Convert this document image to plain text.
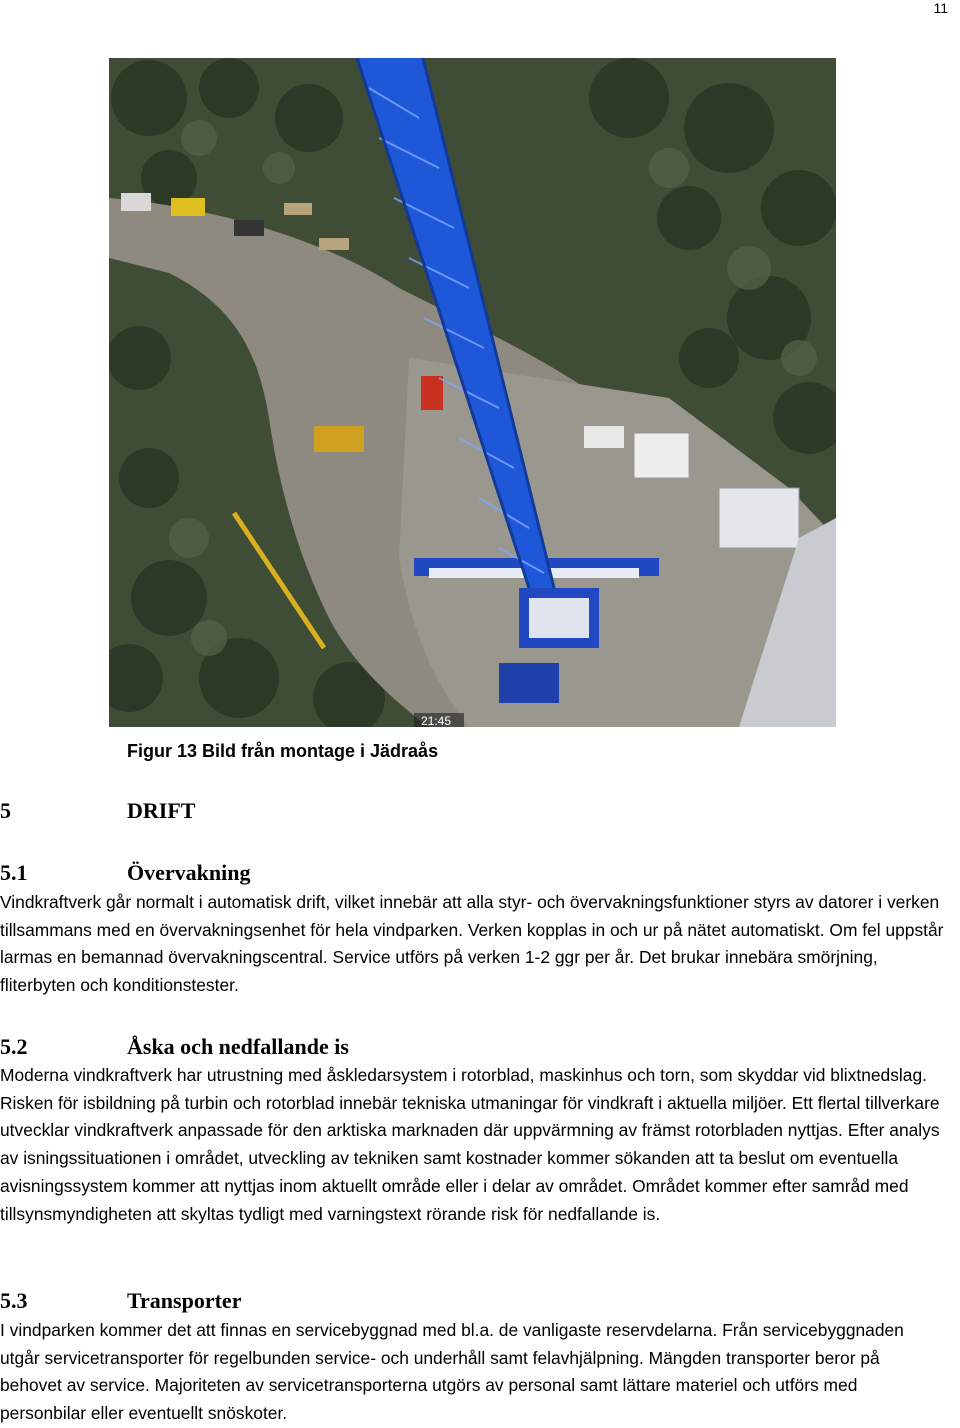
11
21:45
Figur 13 Bild från montage i Jädraås
5	DRIFT
5.1	Övervakning
Vindkraftverk går normalt i automatisk drift, vilket innebär att alla styr- och övervakningsfunktioner styrs av datorer i verken tillsammans med en övervakningsenhet för hela vindparken. Verken kopplas in och ur på nätet automatiskt. Om fel uppstår larmas en bemannad övervakningscentral. Service utförs på verken 1-2 ggr per år. Det brukar innebära smörjning, fliterbyten och konditionstester.
5.2	Åska och nedfallande is
Moderna vindkraftverk har utrustning med åskledarsystem i rotorblad, maskinhus och torn, som skyddar vid blixtnedslag. Risken för isbildning på turbin och rotorblad innebär tekniska utmaningar för vindkraft i aktuella miljöer. Ett flertal tillverkare utvecklar vindkraftverk anpassade för den arktiska marknaden där uppvärmning av främst rotorbladen nyttjas. Efter analys av isningssituationen i området, utveckling av tekniken samt kostnader kommer sökanden att ta beslut om eventuella avisningssystem kommer att nyttjas inom aktuellt område eller i delar av området. Området kommer efter samråd med tillsynsmyndigheten att skyltas tydligt med varningstext rörande risk för nedfallande is.
5.3	Transporter
I vindparken kommer det att finnas en servicebyggnad med bl.a. de vanligaste reservdelarna. Från servicebyggnaden utgår servicetransporter för regelbunden service- och underhåll samt felavhjälpning. Mängden transporter beror på behovet av service. Majoriteten av servicetransporterna utgörs av personal samt lättare materiel och utförs med personbilar eller eventuellt snöskoter.
